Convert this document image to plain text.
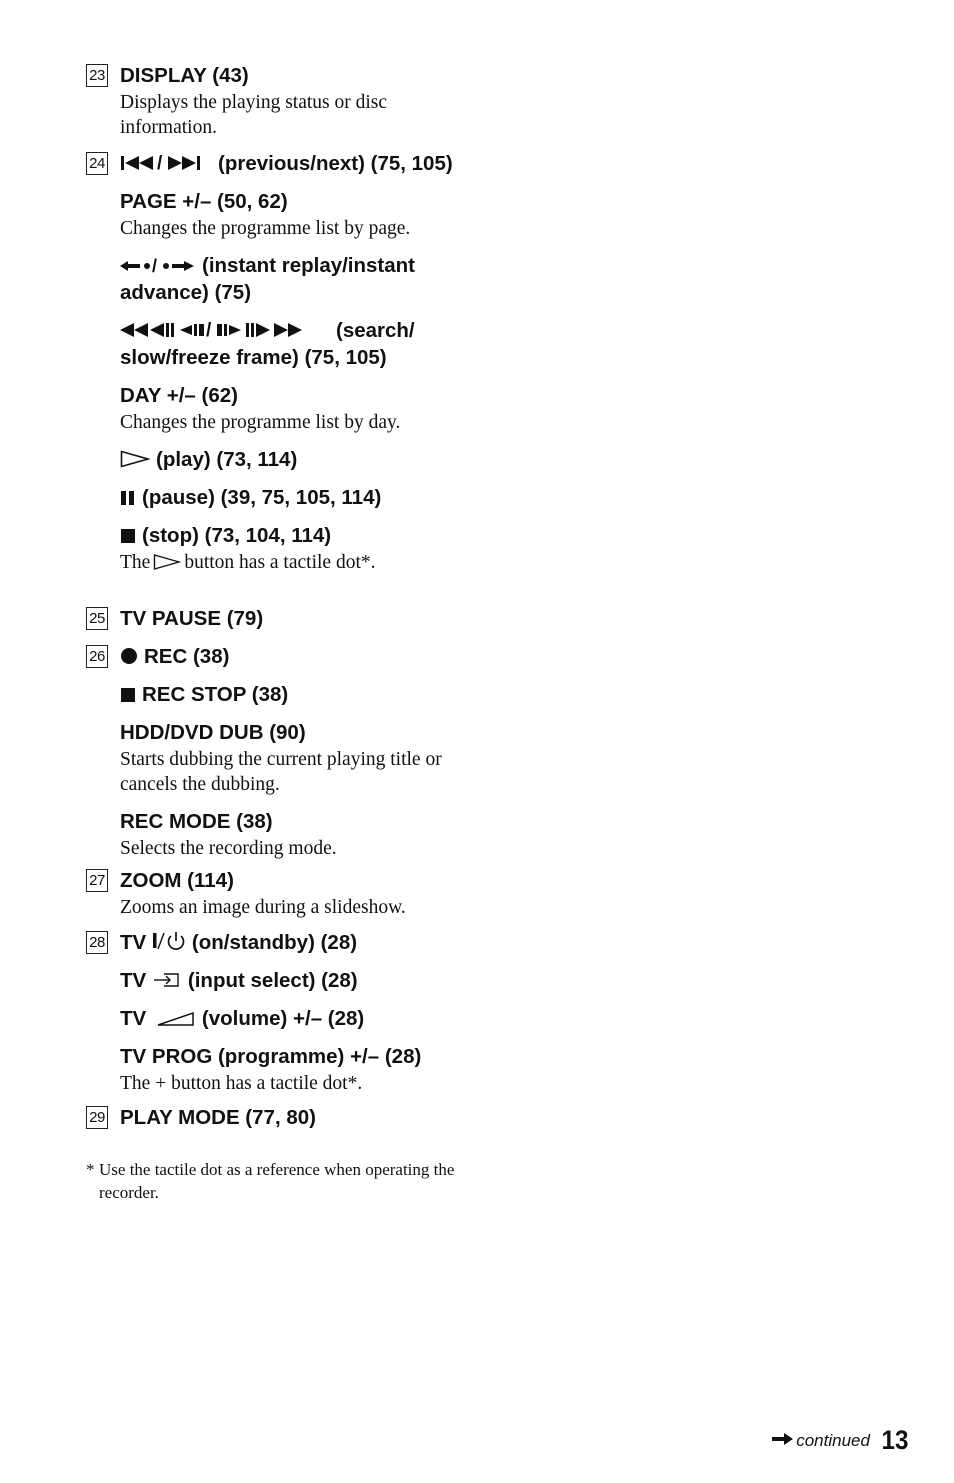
23 DISPLAY (43)
Displays the playing status or disc information.
24	/	(previous/next) (75, 105)
PAGE +/– (50, 62)
Changes the programme list by page.
/ (instant replay/instant advance) (75)
/	(search/ slow/freeze frame) (75, 105)
DAY +/– (62)
Changes the programme list by day.
(play) (73, 114)
(pause) (39, 75, 105, 114)
(stop) (73, 104, 114)
The button has a tactile dot*.
25 TV PAUSE (79)
26	REC (38)
REC STOP (38)
HDD/DVD DUB (90)
Starts dubbing the current playing title or cancels the dubbing.
REC MODE (38)
Selects the recording mode.
27 ZOOM (114)
Zooms an image during a slideshow.
28 TV (on/standby) (28)
TV (input select) (28)
TV	(volume) +/– (28)
TV PROG (programme) +/– (28)
The + button has a tactile dot*.
29 PLAY MODE (77, 80)
* Use the tactile dot as a reference when operating the recorder.
continued 13
